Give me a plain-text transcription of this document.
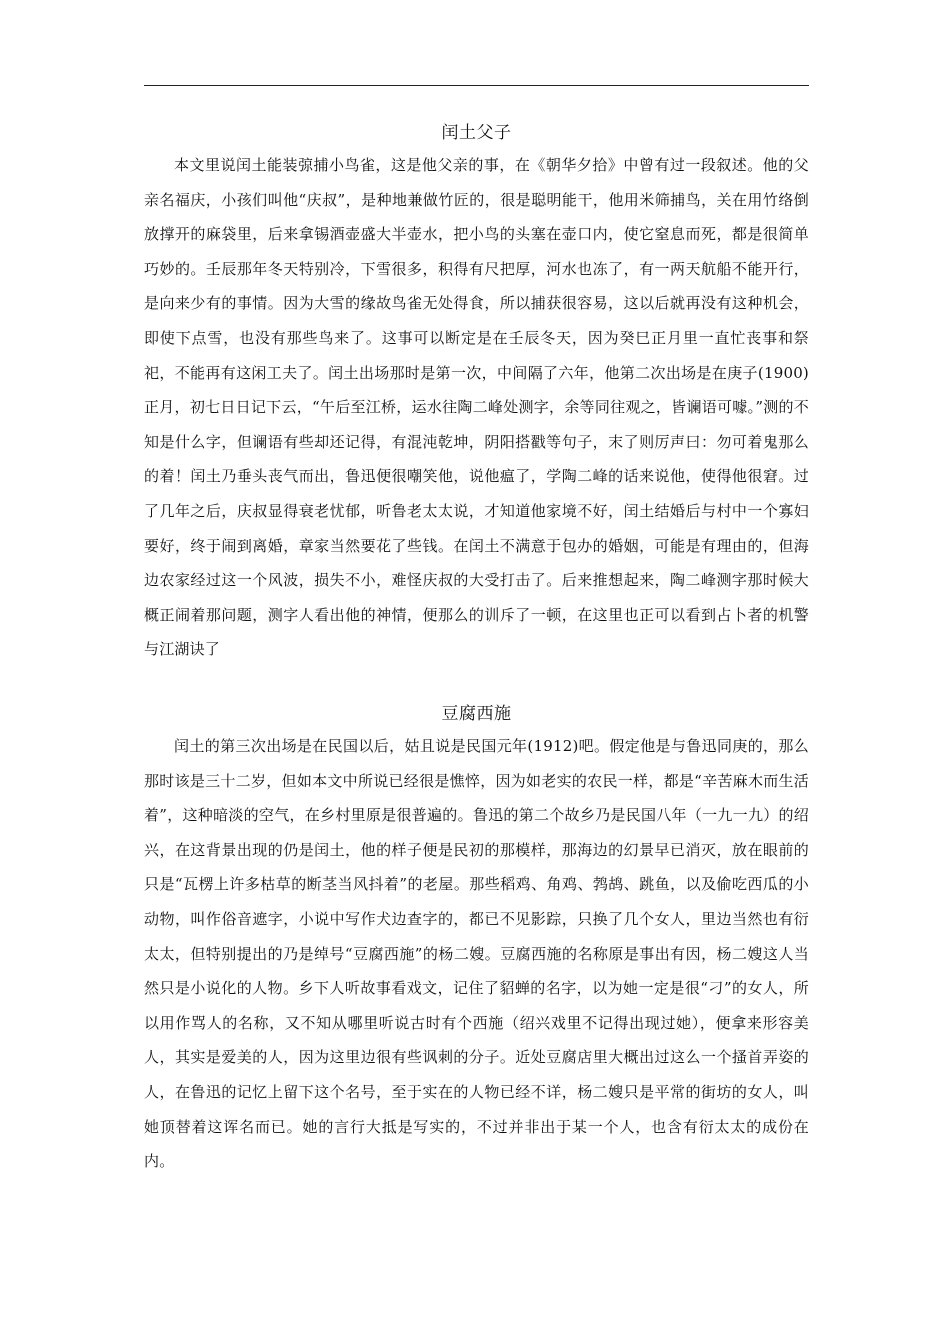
闰土父子

本文里说闰土能装弶捕小鸟雀，这是他父亲的事，在《朝华夕拾》中曾有过一段叙述。他的父亲名福庆，小孩们叫他“庆叔”，是种地兼做竹匠的，很是聪明能干，他用米筛捕鸟，关在用竹络倒放撑开的麻袋里，后来拿锡酒壶盛大半壶水，把小鸟的头塞在壶口内，使它窒息而死，都是很简单巧妙的。壬辰那年冬天特别冷，下雪很多，积得有尺把厚，河水也冻了，有一两天航船不能开行，是向来少有的事情。因为大雪的缘故鸟雀无处得食，所以捕获很容易，这以后就再没有这种机会，即使下点雪，也没有那些鸟来了。这事可以断定是在壬辰冬天，因为癸巳正月里一直忙丧事和祭祀，不能再有这闲工夫了。闰土出场那时是第一次，中间隔了六年，他第二次出场是在庚子(1900)正月，初七日日记下云，“午后至江桥，运水往陶二峰处测字，余等同往观之，皆谰语可噱。”测的不知是什么字，但谰语有些却还记得，有混沌乾坤，阴阳搭戳等句子，末了则厉声曰：勿可着鬼那么的着！闰土乃垂头丧气而出，鲁迅便很嘲笑他，说他瘟了，学陶二峰的话来说他，使得他很窘。过了几年之后，庆叔显得衰老忧郁，听鲁老太太说，才知道他家境不好，闰土结婚后与村中一个寡妇要好，终于闹到离婚，章家当然要花了些钱。在闰土不满意于包办的婚姻，可能是有理由的，但海边农家经过这一个风波，损失不小，难怪庆叔的大受打击了。后来推想起来，陶二峰测字那时候大概正闹着那问题，测字人看出他的神情，便那么的训斥了一顿，在这里也正可以看到占卜者的机警与江湖诀了

豆腐西施

闰土的第三次出场是在民国以后，姑且说是民国元年(1912)吧。假定他是与鲁迅同庚的，那么那时该是三十二岁，但如本文中所说已经很是憔悴，因为如老实的农民一样，都是“辛苦麻木而生活着”，这种暗淡的空气，在乡村里原是很普遍的。鲁迅的第二个故乡乃是民国八年（一九一九）的绍兴，在这背景出现的仍是闰土，他的样子便是民初的那模样，那海边的幻景早已消灭，放在眼前的只是“瓦楞上许多枯草的断茎当风抖着”的老屋。那些稻鸡、角鸡、鹁鸪、跳鱼，以及偷吃西瓜的小动物，叫作俗音遮字，小说中写作犬边查字的，都已不见影踪，只换了几个女人，里边当然也有衍太太，但特别提出的乃是绰号“豆腐西施”的杨二嫂。豆腐西施的名称原是事出有因，杨二嫂这人当然只是小说化的人物。乡下人听故事看戏文，记住了貂蝉的名字，以为她一定是很“刁”的女人，所以用作骂人的名称，又不知从哪里听说古时有个西施（绍兴戏里不记得出现过她），便拿来形容美人，其实是爱美的人，因为这里边很有些讽刺的分子。近处豆腐店里大概出过这么一个搔首弄姿的人，在鲁迅的记忆上留下这个名号，至于实在的人物已经不详，杨二嫂只是平常的街坊的女人，叫她顶替着这诨名而已。她的言行大抵是写实的，不过并非出于某一个人，也含有衍太太的成份在内。
